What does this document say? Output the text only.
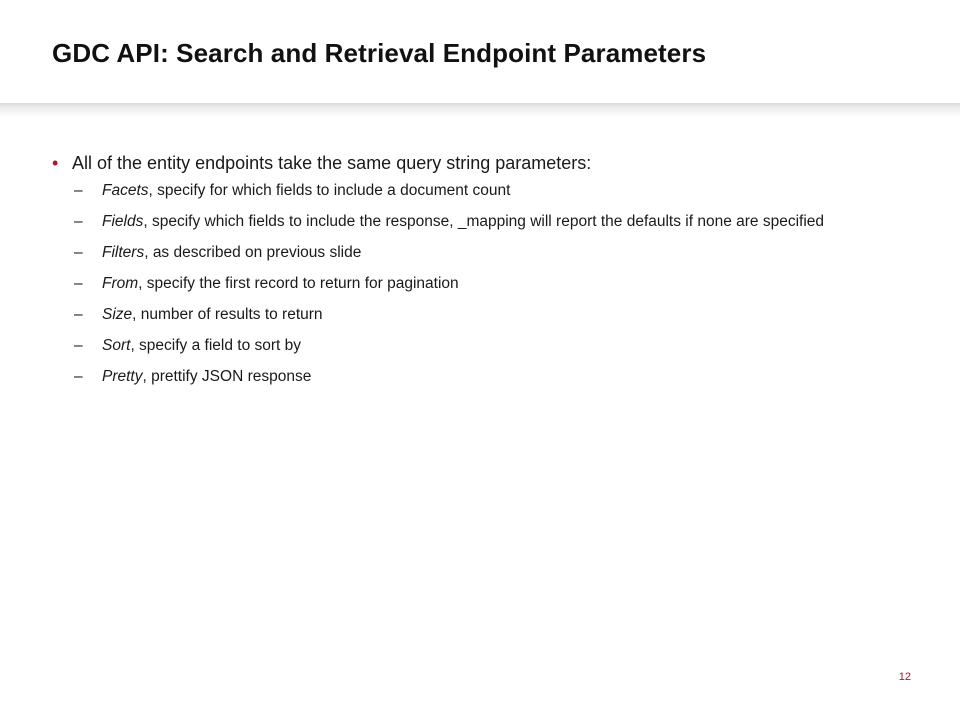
GDC API: Search and Retrieval Endpoint Parameters

• All of the entity endpoints take the same query string parameters:

– Facets, specify for which fields to include a document count
– Fields, specify which fields to include the response, _mapping will report the defaults if none are specified
– Filters, as described on previous slide
– From, specify the first record to return for pagination
– Size, number of results to return
– Sort, specify a field to sort by
– Pretty, prettify JSON response
12
